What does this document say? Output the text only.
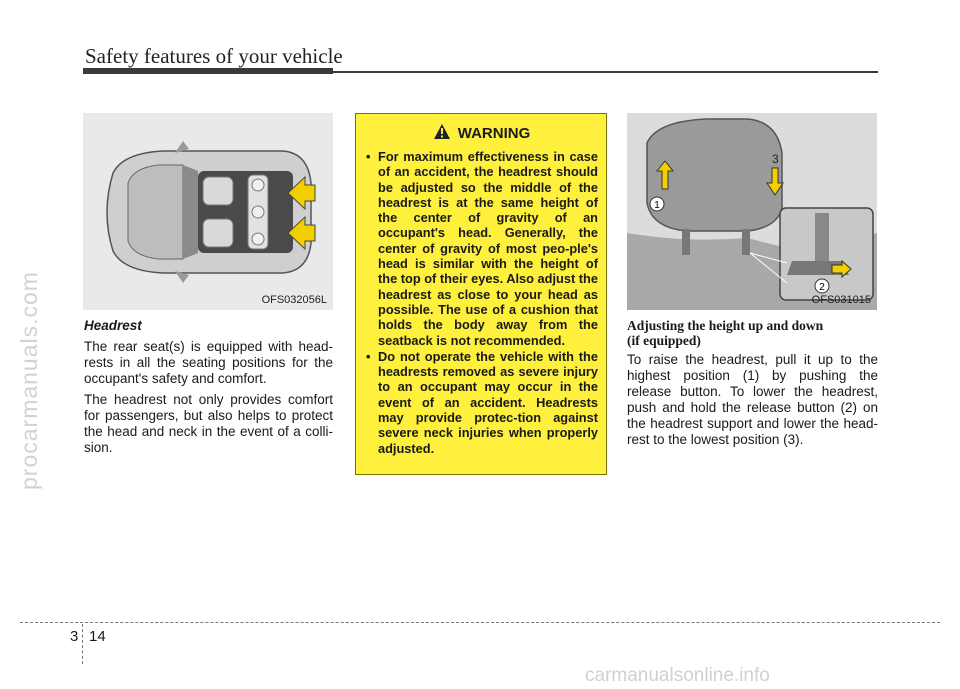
Safety features of your vehicle
procarmanuals.com	OFS032056L

Headrest

The rear seat(s) is equipped with head-rests in all the seating positions for the occupant's safety and comfort.

The headrest not only provides comfort for passengers, but also helps to protect the head and neck in the event of a colli-sion.

WARNING
• For maximum effectiveness in case of an accident, the headrest should be adjusted so the middle of the headrest is at the same height of the center of gravity of an occupant's head. Generally, the center of gravity of most peo-ple's head is similar with the height of the top of their eyes. Also adjust the headrest as close to your head as possible. The use of a cushion that holds the body away from the seatback is not recommended.
• Do not operate the vehicle with the headrests removed as severe injury to an occupant may occur in the event of an accident. Headrests may provide protec-tion against severe neck injuries when properly adjusted.
1
2
3
OFS031015
Adjusting the height up and down
(if equipped)

To raise the headrest, pull it up to the highest position (1) by pushing the release button. To lower the headrest, push and hold the release button (2) on the headrest support and lower the head-rest to the lowest position (3).

3 14
carmanualsonline.info
